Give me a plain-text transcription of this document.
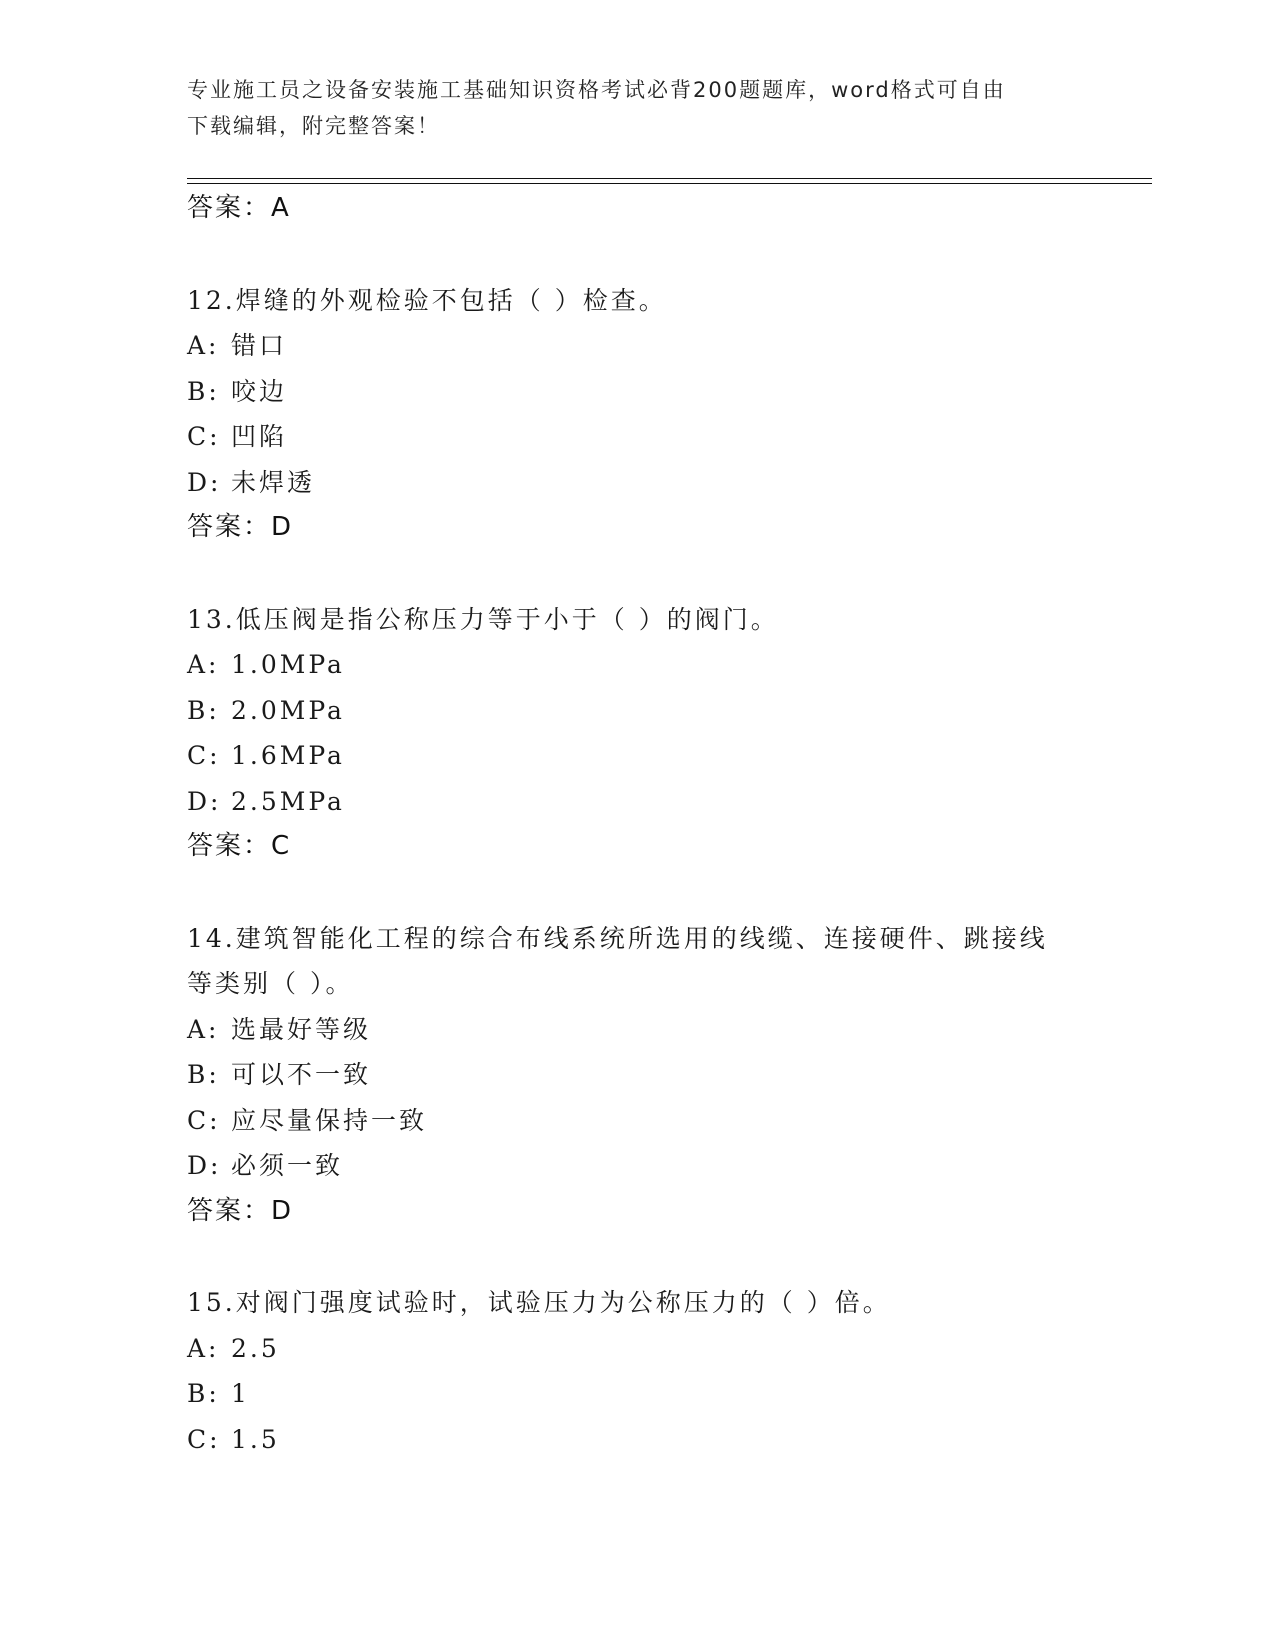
专业施工员之设备安装施工基础知识资格考试必背200题题库，word格式可自由
下载编辑，附完整答案！
答案：A
12.焊缝的外观检验不包括（ ）检查。
A: 错口
B: 咬边
C: 凹陷
D: 未焊透
答案：D
13.低压阀是指公称压力等于小于（ ）的阀门。
A: 1.0MPa
B: 2.0MPa
C: 1.6MPa
D: 2.5MPa
答案：C
14.建筑智能化工程的综合布线系统所选用的线缆、连接硬件、跳接线
等类别（ ）。
A: 选最好等级
B: 可以不一致
C: 应尽量保持一致
D: 必须一致
答案：D
15.对阀门强度试验时，试验压力为公称压力的（ ）倍。
A: 2.5
B: 1
C: 1.5
